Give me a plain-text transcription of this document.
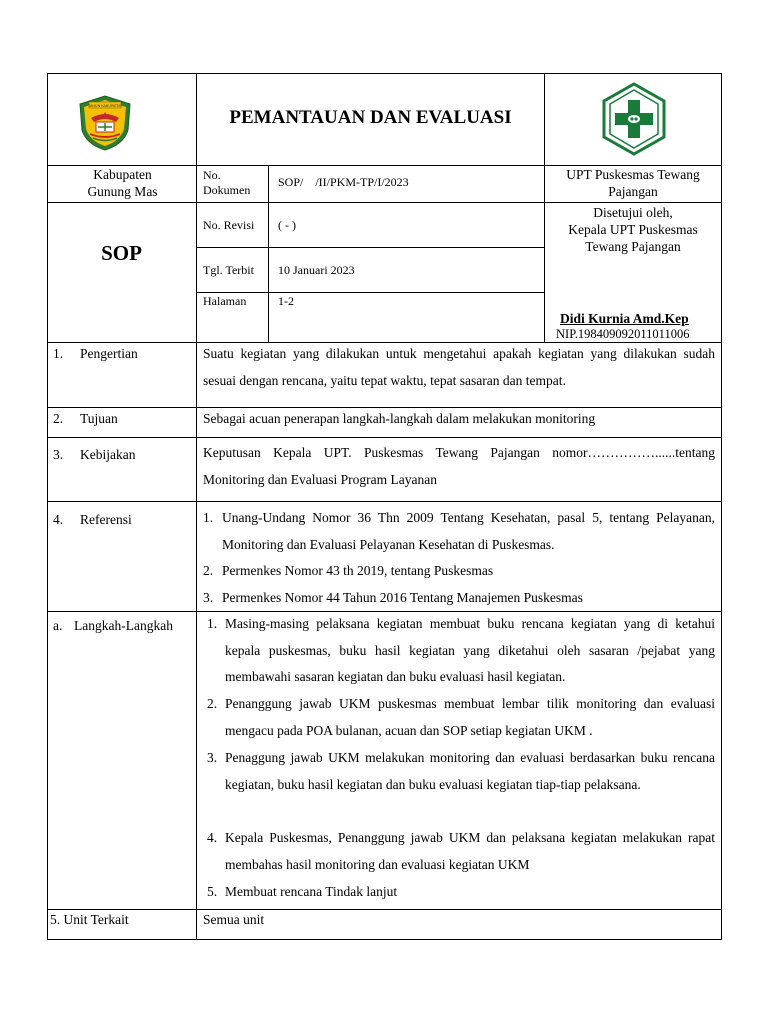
TAHUN KABUPATEN
PEMANTAUAN DAN EVALUASI
Kabupaten Gunung Mas
No. Dokumen
SOP/    /II/PKM-TP/I/2023	UPT Puskesmas Tewang Pajangan
SOP
No. Revisi ( - )
Tgl. Terbit 10 Januari 2023
Halaman	1-2
Disetujui oleh,
Kepala UPT Puskesmas
Tewang Pajangan
Didi Kurnia Amd.Kep
NIP.198409092011011006
1. Pengertian	Suatu kegiatan yang dilakukan untuk mengetahui apakah kegiatan yang dilakukan sudah sesuai dengan rencana, yaitu tepat waktu, tepat sasaran dan tempat.
2. Tujuan	Sebagai acuan penerapan langkah-langkah dalam melakukan monitoring
3. Kebijakan	Keputusan Kepala UPT. Puskesmas Tewang Pajangan nomor……………......tentang Monitoring dan Evaluasi Program Layanan
4. Referensi	1. Unang-Undang Nomor 36 Thn 2009 Tentang Kesehatan, pasal 5, tentang Pelayanan, Monitoring dan Evaluasi Pelayanan Kesehatan di Puskesmas.
2. Permenkes Nomor 43 th 2019, tentang Puskesmas
3. Permenkes Nomor 44 Tahun 2016 Tentang Manajemen Puskesmas
a. Langkah-Langkah	1. Masing-masing pelaksana kegiatan membuat buku rencana kegiatan yang di ketahui kepala puskesmas, buku hasil kegiatan yang diketahui oleh sasaran /pejabat yang membawahi sasaran kegiatan dan buku evaluasi hasil kegiatan.
2. Penanggung jawab UKM puskesmas membuat lembar tilik monitoring dan evaluasi mengacu pada POA bulanan, acuan dan SOP setiap kegiatan UKM .
3. Penaggung jawab UKM melakukan monitoring dan evaluasi berdasarkan buku rencana kegiatan, buku hasil kegiatan dan buku evaluasi kegiatan tiap-tiap pelaksana.
4. Kepala Puskesmas, Penanggung jawab UKM dan pelaksana kegiatan melakukan rapat membahas hasil monitoring dan evaluasi kegiatan UKM
5. Membuat rencana Tindak lanjut
5. Unit Terkait	Semua unit
